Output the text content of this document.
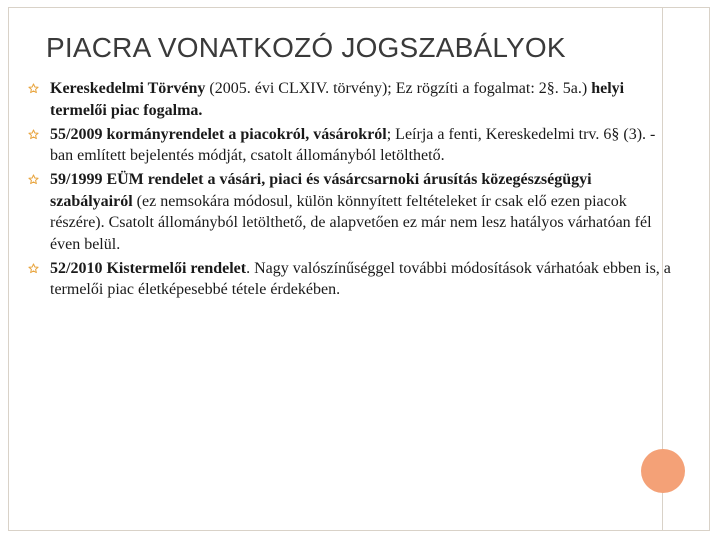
PIACRA VONATKOZÓ JOGSZABÁLYOK
Kereskedelmi Törvény (2005. évi CLXIV. törvény); Ez rögzíti a fogalmat: 2§. 5a.) helyi termelői piac fogalma.
55/2009 kormányrendelet a piacokról, vásárokról; Leírja a fenti, Kereskedelmi trv. 6§ (3). -ban említett bejelentés módját, csatolt állományból letölthető.
59/1999 EÜM rendelet a vásári, piaci és vásárcsarnoki árusítás közegészségügyi szabályairól (ez nemsokára módosul, külön könnyített feltételeket ír csak elő ezen piacok részére). Csatolt állományból letölthető, de alapvetően ez már nem lesz hatályos várhatóan fél éven belül.
52/2010 Kistermelői rendelet. Nagy valószínűséggel további módosítások várhatóak ebben is, a termelői piac életképesebbé tétele érdekében.
